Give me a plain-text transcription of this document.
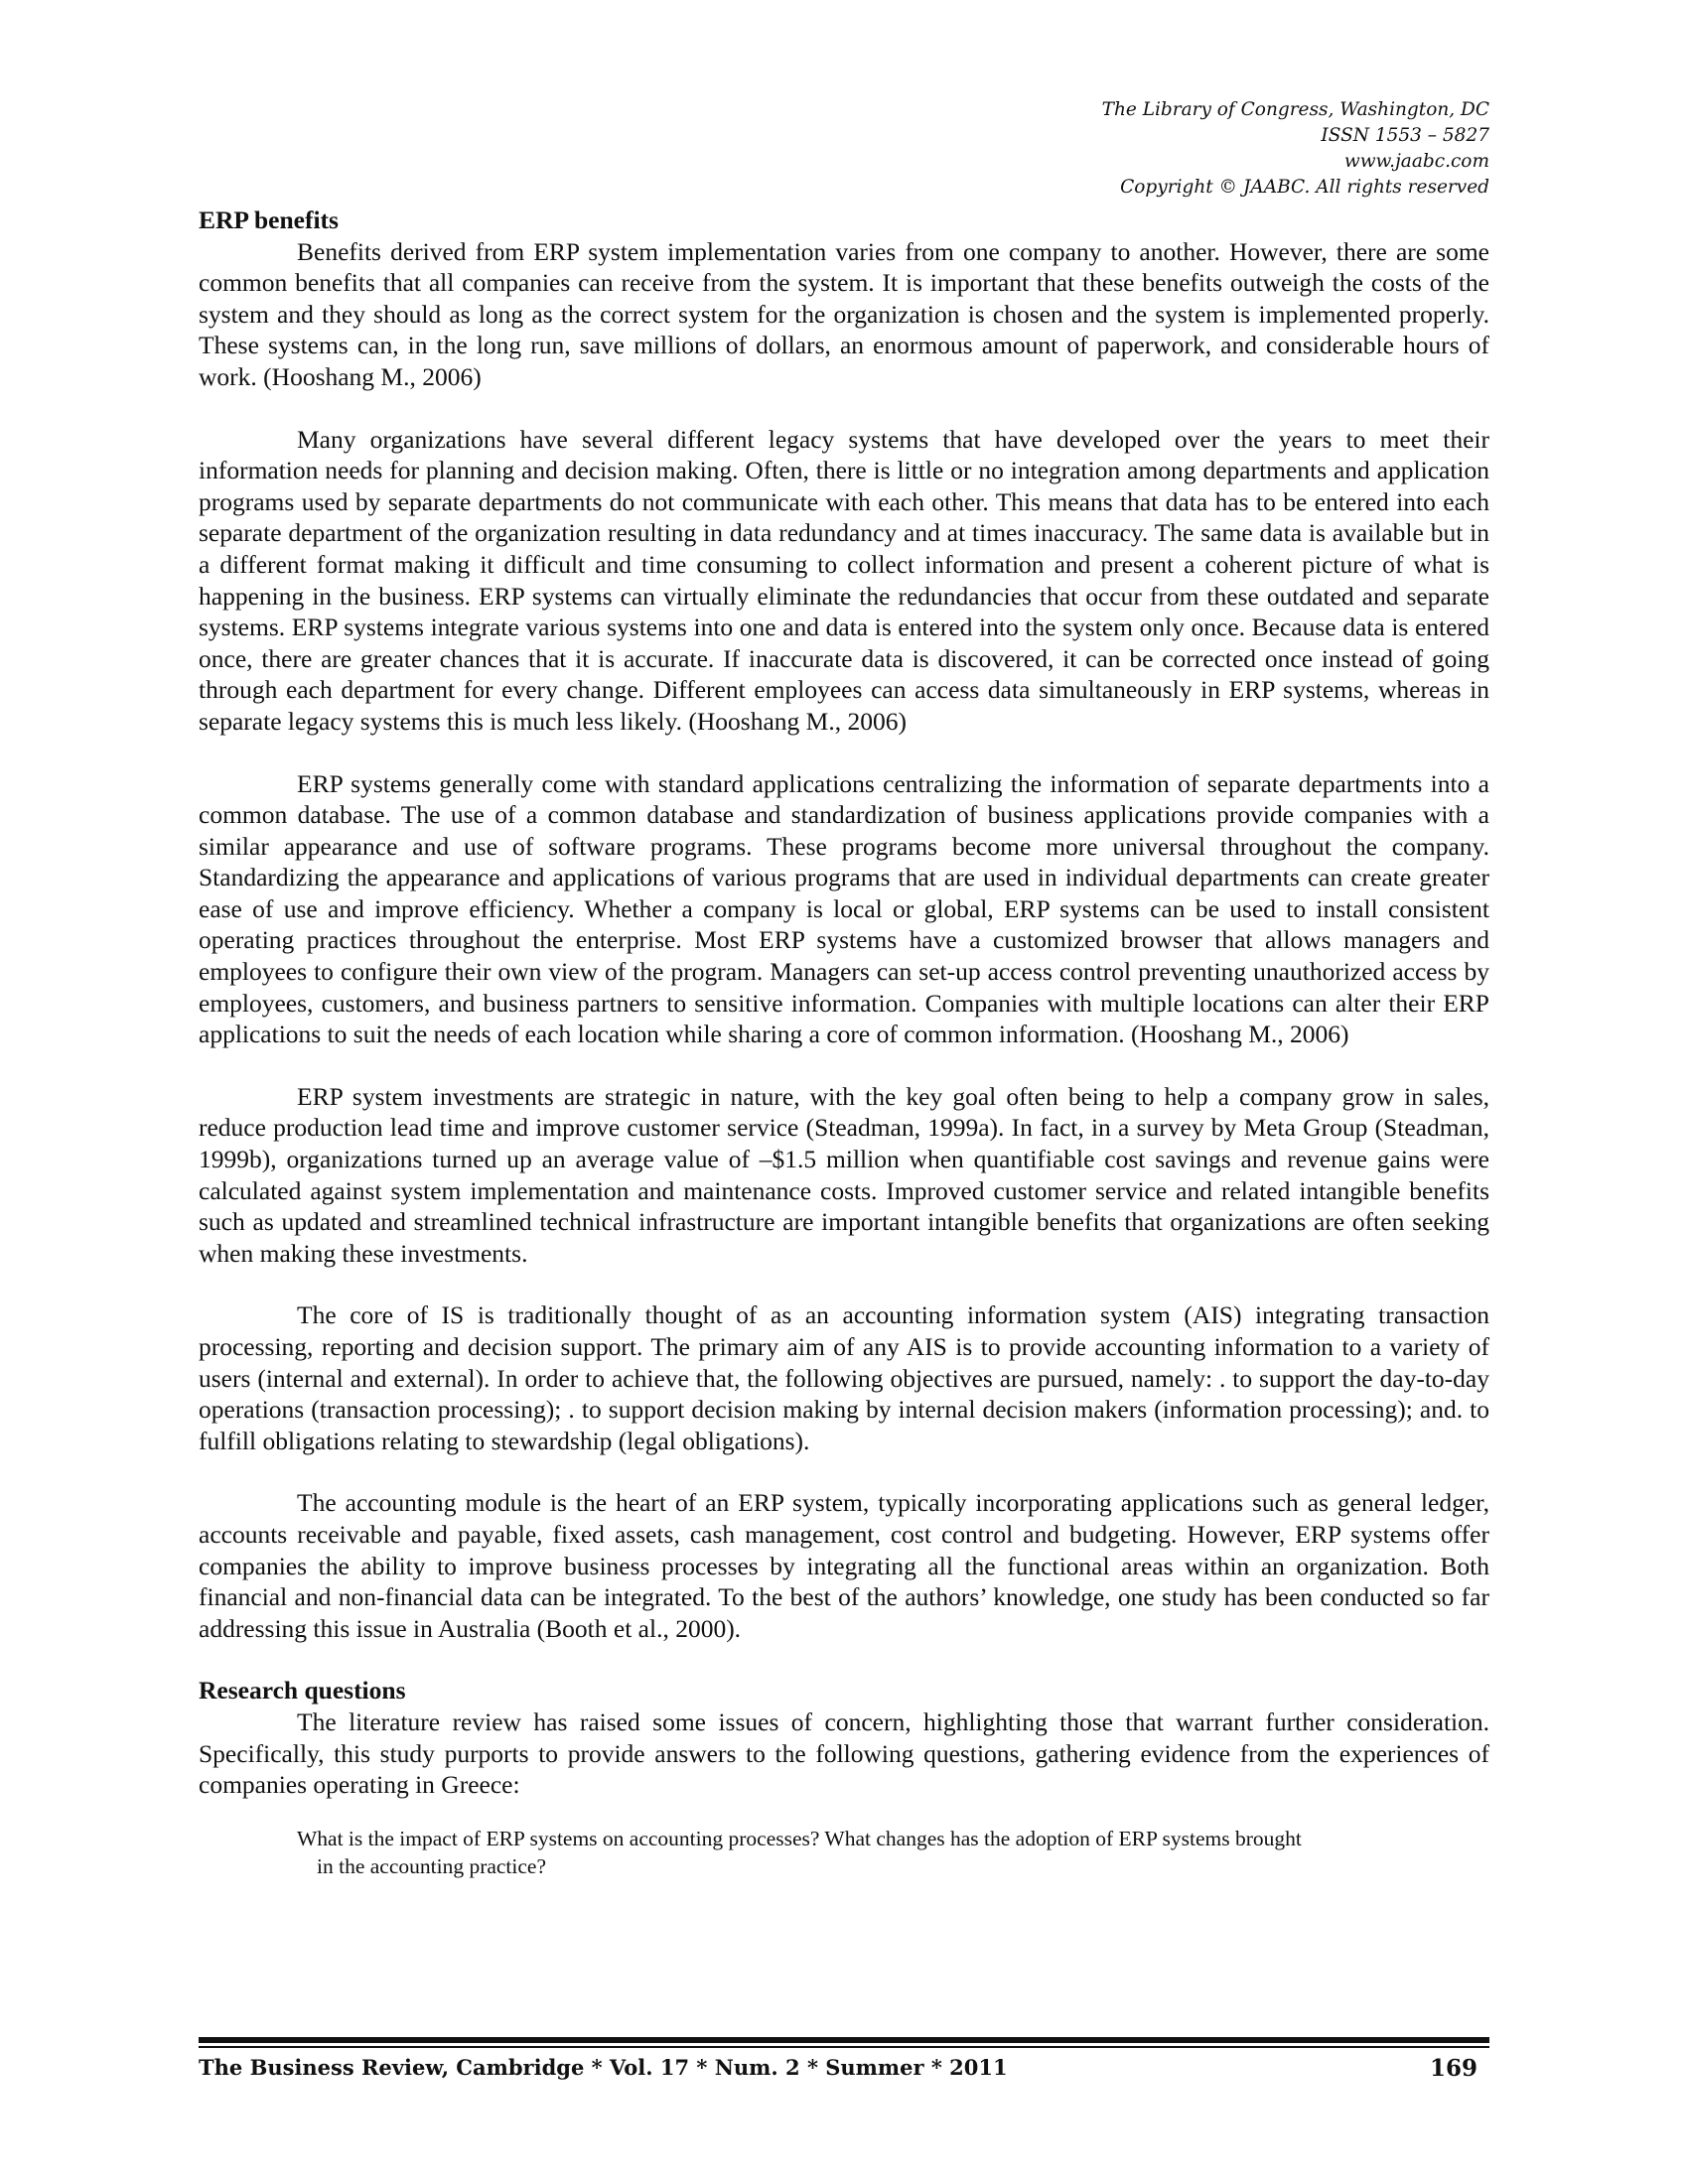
The Library of Congress, Washington, DC
ISSN 1553 – 5827
www.jaabc.com
Copyright © JAABC. All rights reserved

ERP benefits

Benefits derived from ERP system implementation varies from one company to another. However, there are some common benefits that all companies can receive from the system. It is important that these benefits outweigh the costs of the system and they should as long as the correct system for the organization is chosen and the system is implemented properly. These systems can, in the long run, save millions of dollars, an enormous amount of paperwork, and considerable hours of work. (Hooshang M., 2006)

Many organizations have several different legacy systems that have developed over the years to meet their information needs for planning and decision making. Often, there is little or no integration among departments and application programs used by separate departments do not communicate with each other. This means that data has to be entered into each separate department of the organization resulting in data redundancy and at times inaccuracy. The same data is available but in a different format making it difficult and time consuming to collect information and present a coherent picture of what is happening in the business. ERP systems can virtually eliminate the redundancies that occur from these outdated and separate systems. ERP systems integrate various systems into one and data is entered into the system only once. Because data is entered once, there are greater chances that it is accurate. If inaccurate data is discovered, it can be corrected once instead of going through each department for every change. Different employees can access data simultaneously in ERP systems, whereas in separate legacy systems this is much less likely. (Hooshang M., 2006)

ERP systems generally come with standard applications centralizing the information of separate departments into a common database. The use of a common database and standardization of business applications provide companies with a similar appearance and use of software programs. These programs become more universal throughout the company. Standardizing the appearance and applications of various programs that are used in individual departments can create greater ease of use and improve efficiency. Whether a company is local or global, ERP systems can be used to install consistent operating practices throughout the enterprise. Most ERP systems have a customized browser that allows managers and employees to configure their own view of the program. Managers can set-up access control preventing unauthorized access by employees, customers, and business partners to sensitive information. Companies with multiple locations can alter their ERP applications to suit the needs of each location while sharing a core of common information. (Hooshang M., 2006)

ERP system investments are strategic in nature, with the key goal often being to help a company grow in sales, reduce production lead time and improve customer service (Steadman, 1999a). In fact, in a survey by Meta Group (Steadman, 1999b), organizations turned up an average value of –$1.5 million when quantifiable cost savings and revenue gains were calculated against system implementation and maintenance costs. Improved customer service and related intangible benefits such as updated and streamlined technical infrastructure are important intangible benefits that organizations are often seeking when making these investments.

The core of IS is traditionally thought of as an accounting information system (AIS) integrating transaction processing, reporting and decision support. The primary aim of any AIS is to provide accounting information to a variety of users (internal and external). In order to achieve that, the following objectives are pursued, namely: . to support the day-to-day operations (transaction processing); . to support decision making by internal decision makers (information processing); and. to fulfill obligations relating to stewardship (legal obligations).

The accounting module is the heart of an ERP system, typically incorporating applications such as general ledger, accounts receivable and payable, fixed assets, cash management, cost control and budgeting. However, ERP systems offer companies the ability to improve business processes by integrating all the functional areas within an organization. Both financial and non-financial data can be integrated. To the best of the authors’ knowledge, one study has been conducted so far addressing this issue in Australia (Booth et al., 2000).

Research questions

The literature review has raised some issues of concern, highlighting those that warrant further consideration. Specifically, this study purports to provide answers to the following questions, gathering evidence from the experiences of companies operating in Greece:

What is the impact of ERP systems on accounting processes? What changes has the adoption of ERP systems brought
in the accounting practice?
The Business Review, Cambridge * Vol. 17 * Num. 2 * Summer * 2011	169
